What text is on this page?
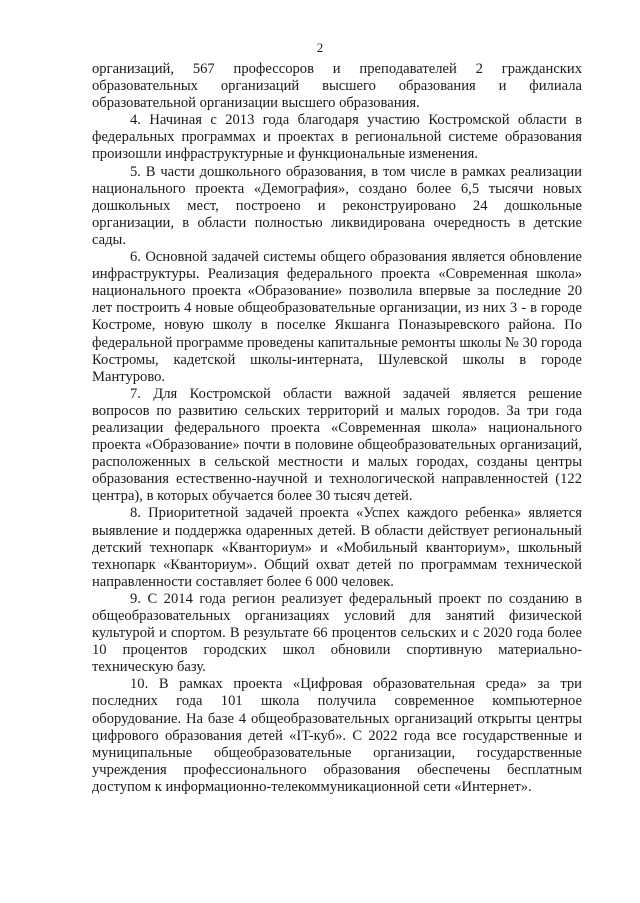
2

организаций, 567 профессоров и преподавателей 2 гражданских образовательных организаций высшего образования и филиала образовательной организации высшего образования.

4. Начиная с 2013 года благодаря участию Костромской области в федеральных программах и проектах в региональной системе образования произошли инфраструктурные и функциональные изменения.

5. В части дошкольного образования, в том числе в рамках реализации национального проекта «Демография», создано более 6,5 тысячи новых дошкольных мест, построено и реконструировано 24 дошкольные организации, в области полностью ликвидирована очередность в детские сады.

6. Основной задачей системы общего образования является обновление инфраструктуры. Реализация федерального проекта «Современная школа» национального проекта «Образование» позволила впервые за последние 20 лет построить 4 новые общеобразовательные организации, из них 3 - в городе Костроме, новую школу в поселке Якшанга Поназыревского района. По федеральной программе проведены капитальные ремонты школы № 30 города Костромы, кадетской школы-интерната, Шулевской школы в городе Мантурово.

7. Для Костромской области важной задачей является решение вопросов по развитию сельских территорий и малых городов. За три года реализации федерального проекта «Современная школа» национального проекта «Образование» почти в половине общеобразовательных организаций, расположенных в сельской местности и малых городах, созданы центры образования естественно-научной и технологической направленностей (122 центра), в которых обучается более 30 тысяч детей.

8. Приоритетной задачей проекта «Успех каждого ребенка» является выявление и поддержка одаренных детей. В области действует региональный детский технопарк «Кванториум» и «Мобильный кванториум», школьный технопарк «Кванториум». Общий охват детей по программам технической направленности составляет более 6 000 человек.

9. С 2014 года регион реализует федеральный проект по созданию в общеобразовательных организациях условий для занятий физической культурой и спортом. В результате 66 процентов сельских и с 2020 года более 10 процентов городских школ обновили спортивную материально-техническую базу.

10. В рамках проекта «Цифровая образовательная среда» за три последних года 101 школа получила современное компьютерное оборудование. На базе 4 общеобразовательных организаций открыты центры цифрового образования детей «IT-куб». С 2022 года все государственные и муниципальные общеобразовательные организации, государственные учреждения профессионального образования обеспечены бесплатным доступом к информационно-телекоммуникационной сети «Интернет».
